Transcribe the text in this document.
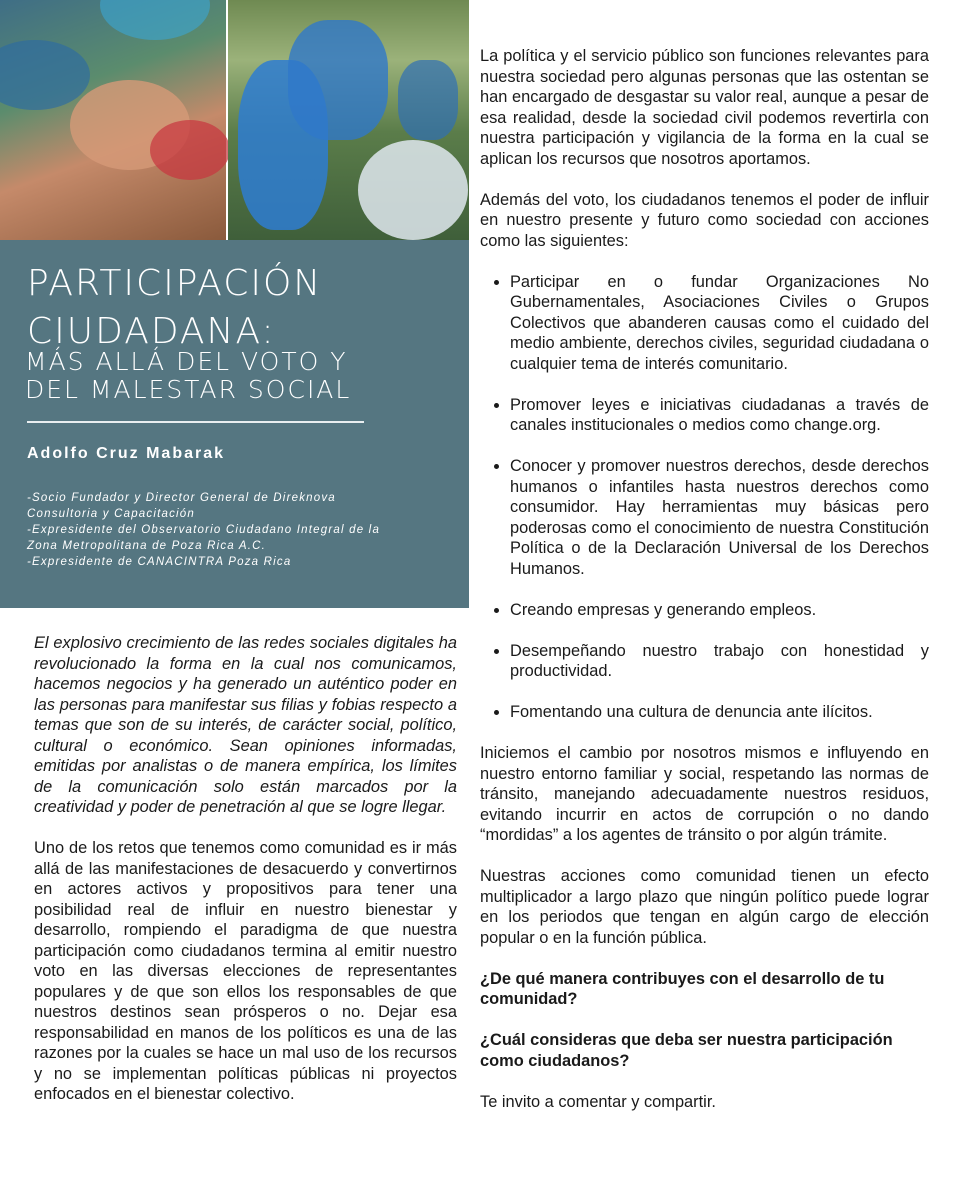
PARTICIPACIÓN
CIUDADANA:
MÁS ALLÁ DEL VOTO Y
DEL MALESTAR SOCIAL
Adolfo Cruz Mabarak
-Socio Fundador y Director General de Direknova
Consultoria y Capacitación
-Expresidente del Observatorio Ciudadano Integral de la
Zona Metropolitana de Poza Rica A.C.
-Expresidente de CANACINTRA Poza Rica

El explosivo crecimiento de las redes sociales digitales ha revolucionado la forma en la cual nos comunicamos, hacemos negocios y ha generado un auténtico poder en las personas para manifestar sus filias y fobias respecto a temas que son de su interés, de carácter social, político, cultural o económico. Sean opiniones informadas, emitidas por analistas o de manera empírica, los límites de la comunicación solo están marcados por la creatividad y poder de penetración al que se logre llegar.

Uno de los retos que tenemos como comunidad es ir más allá de las manifestaciones de desacuerdo y convertirnos en actores activos y propositivos para tener una posibilidad real de influir en nuestro bienestar y desarrollo, rompiendo el paradigma de que nuestra participación como ciudadanos termina al emitir nuestro voto en las diversas elecciones de representantes populares y de que son ellos los responsables de que nuestros destinos sean prósperos o no. Dejar esa responsabilidad en manos de los políticos es una de las razones por la cuales se hace un mal uso de los recursos y no se implementan políticas públicas ni proyectos enfocados en el bienestar colectivo.

La política y el servicio público son funciones relevantes para nuestra sociedad pero algunas personas que las ostentan se han encargado de desgastar su valor real, aunque a pesar de esa realidad, desde la sociedad civil podemos revertirla con nuestra participación y vigilancia de la forma en la cual se aplican los recursos que nosotros aportamos.

Además del voto, los ciudadanos tenemos el poder de influir en nuestro presente y futuro como sociedad con acciones como las siguientes:

• Participar en o fundar Organizaciones No Gubernamentales, Asociaciones Civiles o Grupos Colectivos que abanderen causas como el cuidado del medio ambiente, derechos civiles, seguridad ciudadana o cualquier tema de interés comunitario.
• Promover leyes e iniciativas ciudadanas a través de canales institucionales o medios como change.org.
• Conocer y promover nuestros derechos, desde derechos humanos o infantiles hasta nuestros derechos como consumidor. Hay herramientas muy básicas pero poderosas como el conocimiento de nuestra Constitución Política o de la Declaración Universal de los Derechos Humanos.
• Creando empresas y generando empleos.
• Desempeñando nuestro trabajo con honestidad y productividad.
• Fomentando una cultura de denuncia ante ilícitos.

Iniciemos el cambio por nosotros mismos e influyendo en nuestro entorno familiar y social, respetando las normas de tránsito, manejando adecuadamente nuestros residuos, evitando incurrir en actos de corrupción o no dando “mordidas” a los agentes de tránsito o por algún trámite.

Nuestras acciones como comunidad tienen un efecto multiplicador a largo plazo que ningún político puede lograr en los periodos que tengan en algún cargo de elección popular o en la función pública.

¿De qué manera contribuyes con el desarrollo de tu comunidad?

¿Cuál consideras que deba ser nuestra participación como ciudadanos?

Te invito a comentar y compartir.
